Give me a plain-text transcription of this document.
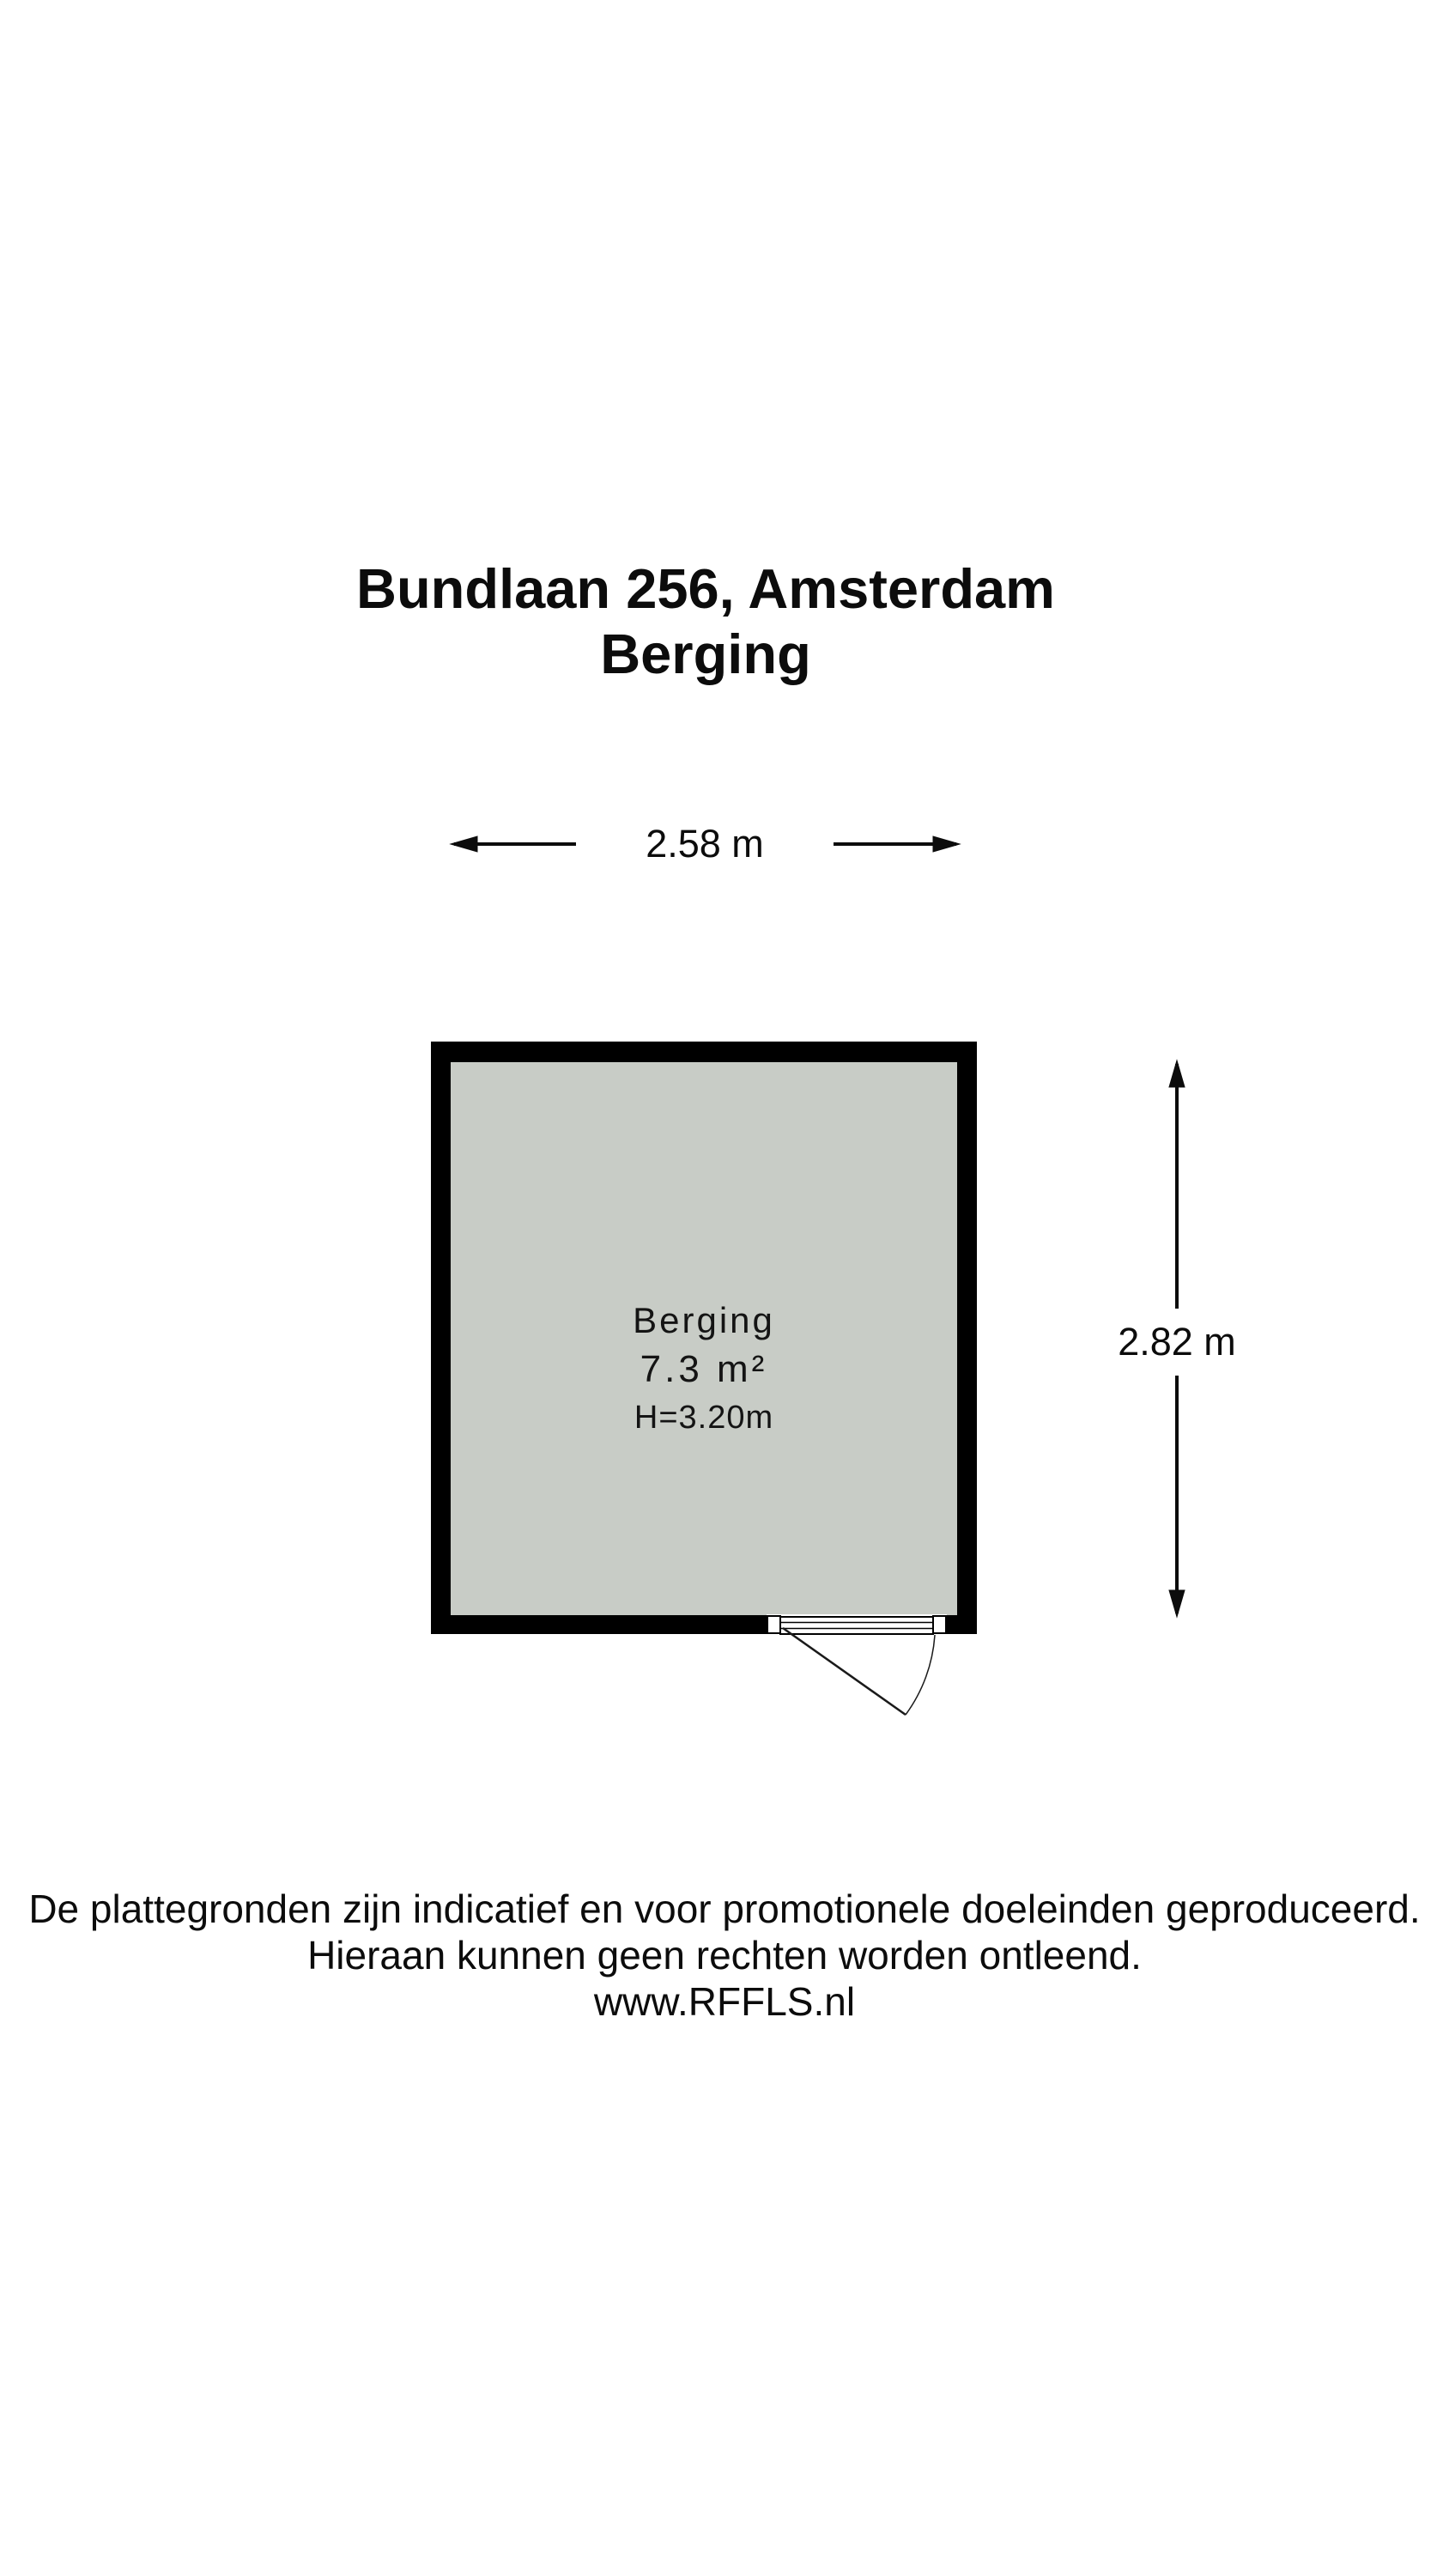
Bundlaan 256, Amsterdam
Berging
2.58 m
2.82 m
Berging
7.3 m²
H=3.20m
De plattegronden zijn indicatief en voor promotionele doeleinden geproduceerd.
Hieraan kunnen geen rechten worden ontleend.
www.RFFLS.nl
